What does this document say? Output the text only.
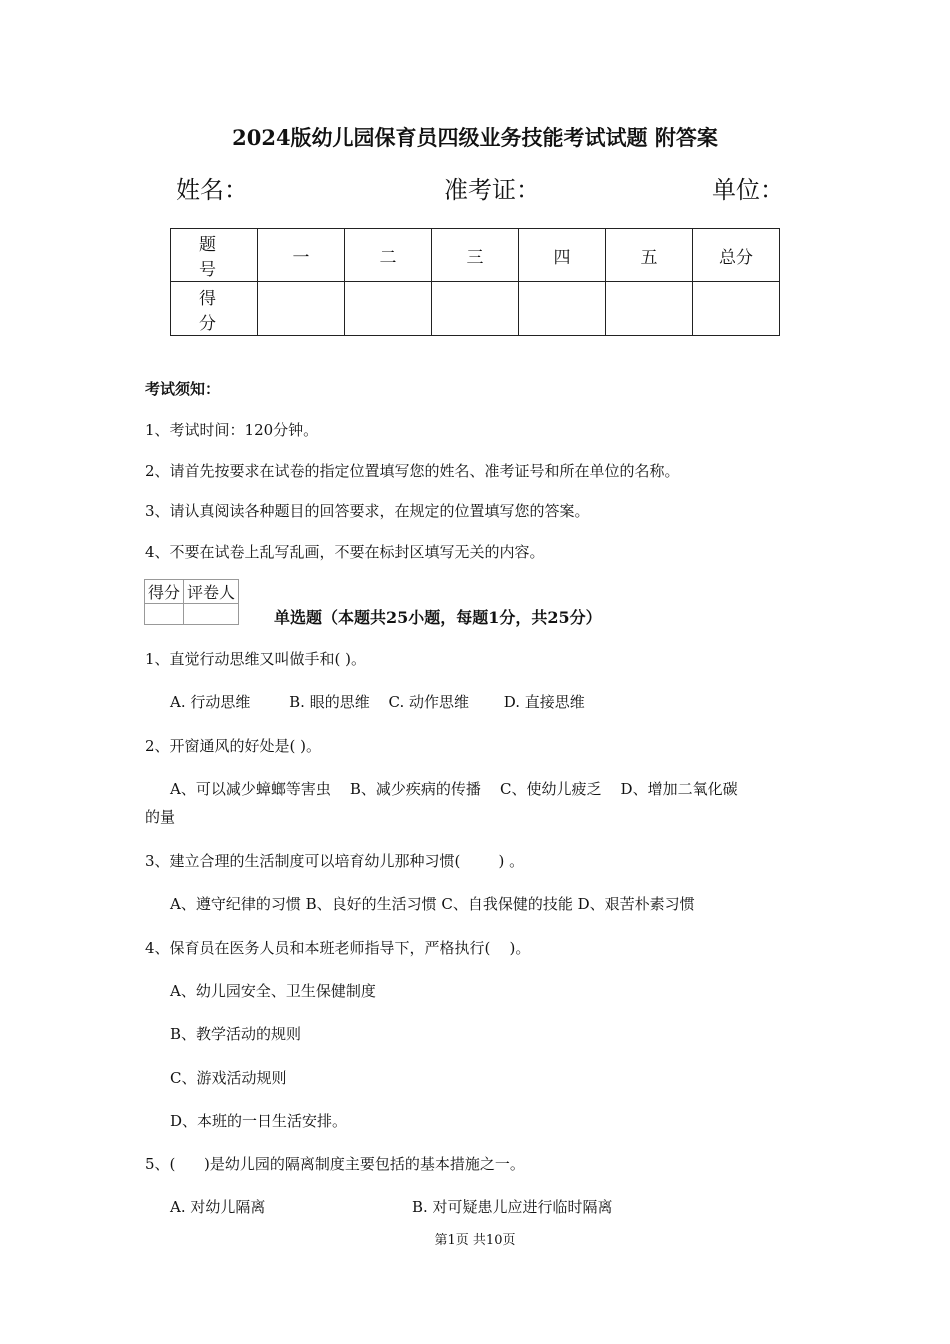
2024版幼儿园保育员四级业务技能考试试题 附答案
姓名：	准考证：	单位：
题号	一	二	三	四	五	总分
得分						
考试须知：
1、考试时间：120分钟。
2、请首先按要求在试卷的指定位置填写您的姓名、准考证号和所在单位的名称。
3、请认真阅读各种题目的回答要求，在规定的位置填写您的答案。
4、不要在试卷上乱写乱画，不要在标封区填写无关的内容。
得分	评卷人

单选题（本题共25小题，每题1分，共25分）
1、直觉行动思维又叫做手和( )。
A. 行动思维	B. 眼的思维 C. 动作思维 D. 直接思维
2、开窗通风的好处是( )。
A、可以减少蟑螂等害虫    B、减少疾病的传播    C、使幼儿疲乏    D、增加二氧化碳
的量
3、建立合理的生活制度可以培育幼儿那种习惯(        ) 。
A、遵守纪律的习惯 B、良好的生活习惯 C、自我保健的技能 D、艰苦朴素习惯
4、保育员在医务人员和本班老师指导下，严格执行(    )。
A、幼儿园安全、卫生保健制度
B、教学活动的规则
C、游戏活动规则
D、本班的一日生活安排。
5、(      )是幼儿园的隔离制度主要包括的基本措施之一。
A. 对幼儿隔离	B. 对可疑患儿应进行临时隔离
第1页 共10页
